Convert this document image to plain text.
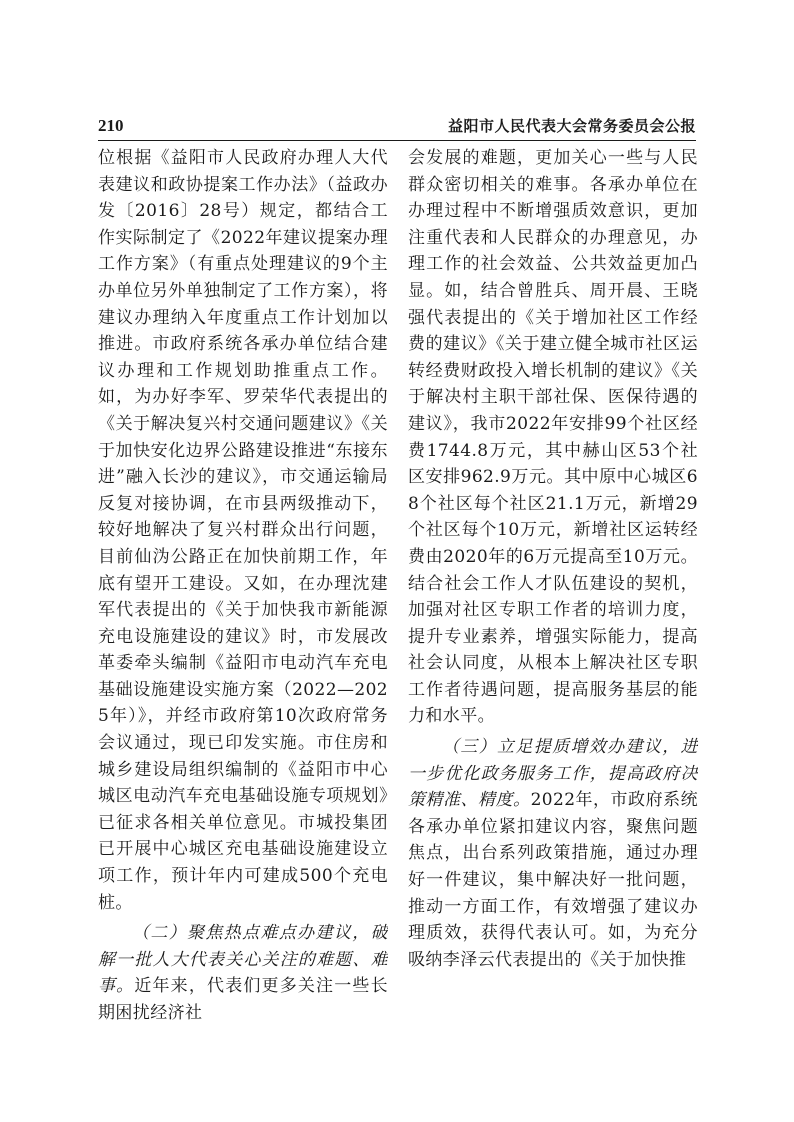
210	益阳市人民代表大会常务委员会公报

位根据《益阳市人民政府办理人大代表建议和政协提案工作办法》（益政办发〔2016〕28号）规定，都结合工作实际制定了《2022年建议提案办理工作方案》（有重点处理建议的9个主办单位另外单独制定了工作方案），将建议办理纳入年度重点工作计划加以推进。市政府系统各承办单位结合建议办理和工作规划助推重点工作。如，为办好李军、罗荣华代表提出的《关于解决复兴村交通问题建议》《关于加快安化边界公路建设推进“东接东进”融入长沙的建议》，市交通运输局反复对接协调，在市县两级推动下，较好地解决了复兴村群众出行问题，目前仙沩公路正在加快前期工作，年底有望开工建设。又如，在办理沈建军代表提出的《关于加快我市新能源充电设施建设的建议》时，市发展改革委牵头编制《益阳市电动汽车充电基础设施建设实施方案（2022—2025年）》，并经市政府第10次政府常务会议通过，现已印发实施。市住房和城乡建设局组织编制的《益阳市中心城区电动汽车充电基础设施专项规划》已征求各相关单位意见。市城投集团已开展中心城区充电基础设施建设立项工作，预计年内可建成500个充电桩。

（二）聚焦热点难点办建议，破解一批人大代表关心关注的难题、难事。近年来，代表们更多关注一些长期困扰经济社

会发展的难题，更加关心一些与人民群众密切相关的难事。各承办单位在办理过程中不断增强质效意识，更加注重代表和人民群众的办理意见，办理工作的社会效益、公共效益更加凸显。如，结合曾胜兵、周开晨、王晓强代表提出的《关于增加社区工作经费的建议》《关于建立健全城市社区运转经费财政投入增长机制的建议》《关于解决村主职干部社保、医保待遇的建议》，我市2022年安排99个社区经费1744.8万元，其中赫山区53个社区安排962.9万元。其中原中心城区68个社区每个社区21.1万元，新增29个社区每个10万元，新增社区运转经费由2020年的6万元提高至10万元。结合社会工作人才队伍建设的契机，加强对社区专职工作者的培训力度，提升专业素养，增强实际能力，提高社会认同度，从根本上解决社区专职工作者待遇问题，提高服务基层的能力和水平。

（三）立足提质增效办建议，进一步优化政务服务工作，提高政府决策精准、精度。2022年，市政府系统各承办单位紧扣建议内容，聚焦问题焦点，出台系列政策措施，通过办理好一件建议，集中解决好一批问题，推动一方面工作，有效增强了建议办理质效，获得代表认可。如，为充分吸纳李泽云代表提出的《关于加快推
